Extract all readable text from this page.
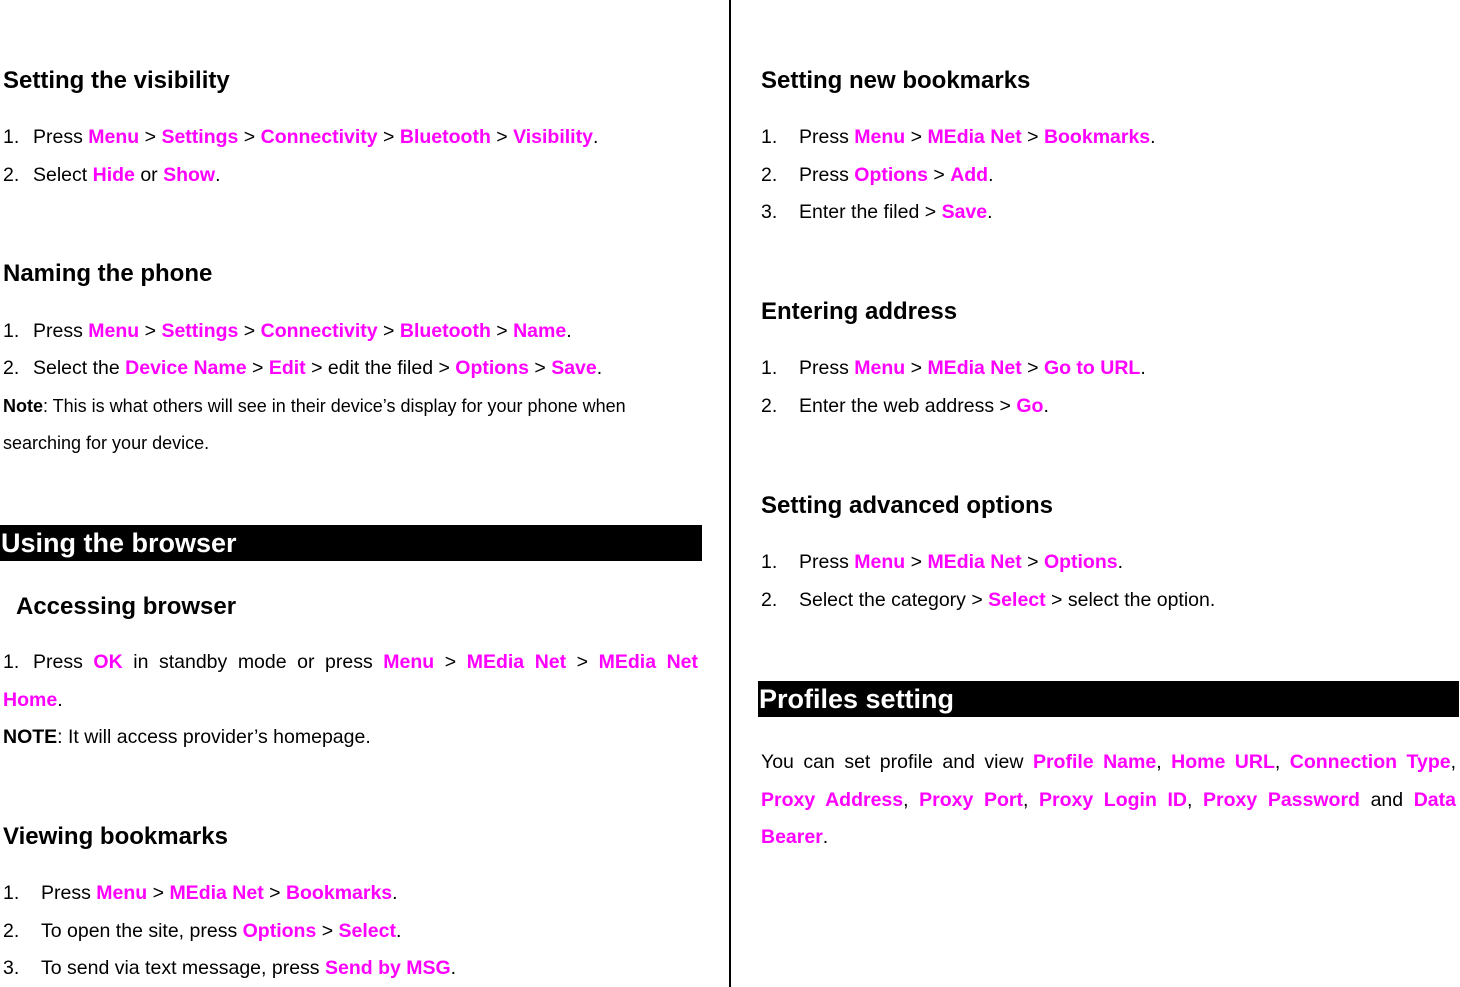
Setting the visibility
1. Press Menu > Settings > Connectivity > Bluetooth > Visibility.
2. Select Hide or Show.
Naming the phone
1. Press Menu > Settings > Connectivity > Bluetooth > Name.
2. Select the Device Name > Edit > edit the filed > Options > Save.
Note: This is what others will see in their device’s display for your phone when
searching for your device.
Using the browser
Accessing browser
1. Press OK in standby mode or press Menu > MEdia Net > MEdia Net
Home.
NOTE: It will access provider’s homepage.
Viewing bookmarks
1. Press Menu > MEdia Net > Bookmarks.
2. To open the site, press Options > Select.
3. To send via text message, press Send by MSG.
Setting new bookmarks
1. Press Menu > MEdia Net > Bookmarks.
2. Press Options > Add.
3. Enter the filed > Save.
Entering address
1. Press Menu > MEdia Net > Go to URL.
2. Enter the web address > Go.
Setting advanced options
1. Press Menu > MEdia Net > Options.
2. Select the category > Select > select the option.
Profiles setting
You can set profile and view Profile Name, Home URL, Connection Type,
Proxy Address, Proxy Port, Proxy Login ID, Proxy Password and Data
Bearer.
